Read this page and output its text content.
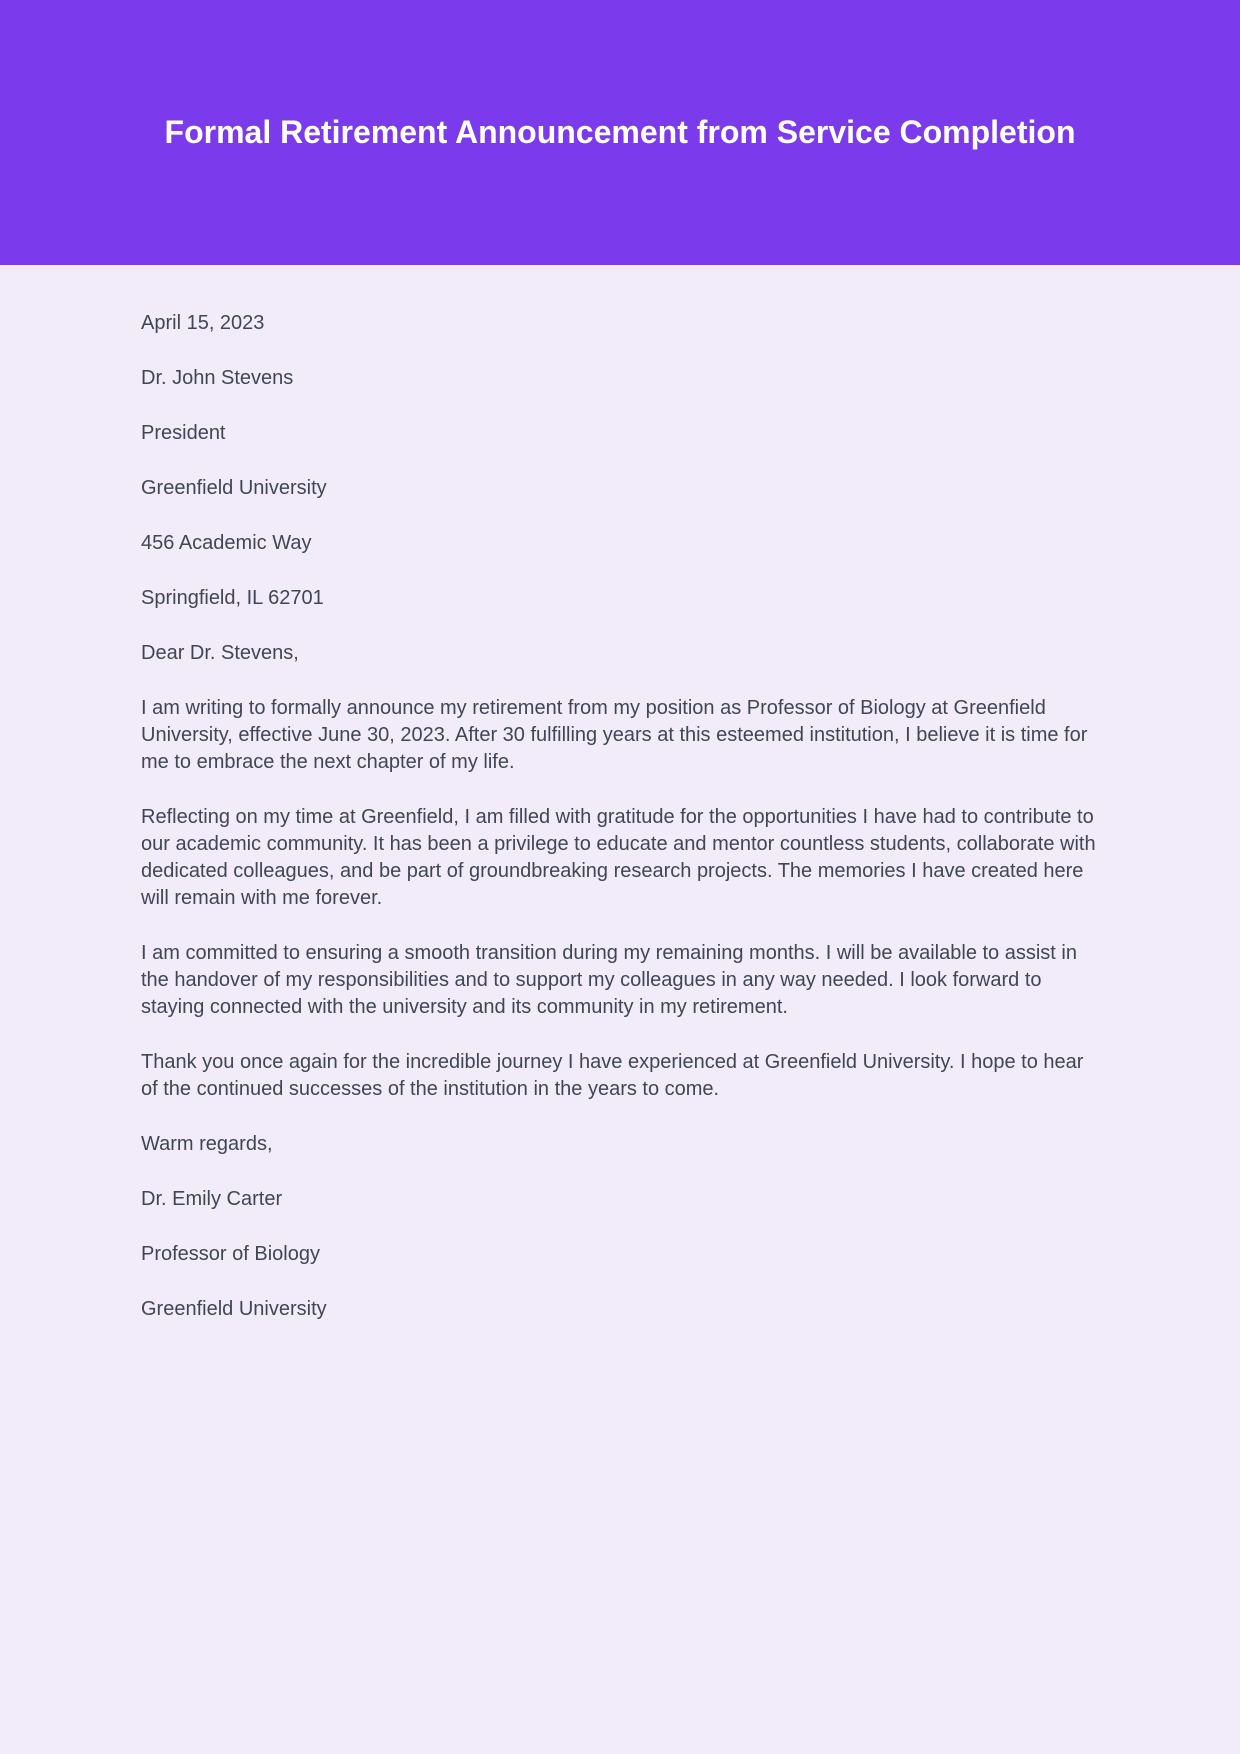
Formal Retirement Announcement from Service Completion

April 15, 2023

Dr. John Stevens

President

Greenfield University

456 Academic Way

Springfield, IL 62701

Dear Dr. Stevens,

I am writing to formally announce my retirement from my position as Professor of Biology at Greenfield University, effective June 30, 2023. After 30 fulfilling years at this esteemed institution, I believe it is time for me to embrace the next chapter of my life.

Reflecting on my time at Greenfield, I am filled with gratitude for the opportunities I have had to contribute to our academic community. It has been a privilege to educate and mentor countless students, collaborate with dedicated colleagues, and be part of groundbreaking research projects. The memories I have created here will remain with me forever.

I am committed to ensuring a smooth transition during my remaining months. I will be available to assist in the handover of my responsibilities and to support my colleagues in any way needed. I look forward to staying connected with the university and its community in my retirement.

Thank you once again for the incredible journey I have experienced at Greenfield University. I hope to hear of the continued successes of the institution in the years to come.

Warm regards,

Dr. Emily Carter

Professor of Biology

Greenfield University
